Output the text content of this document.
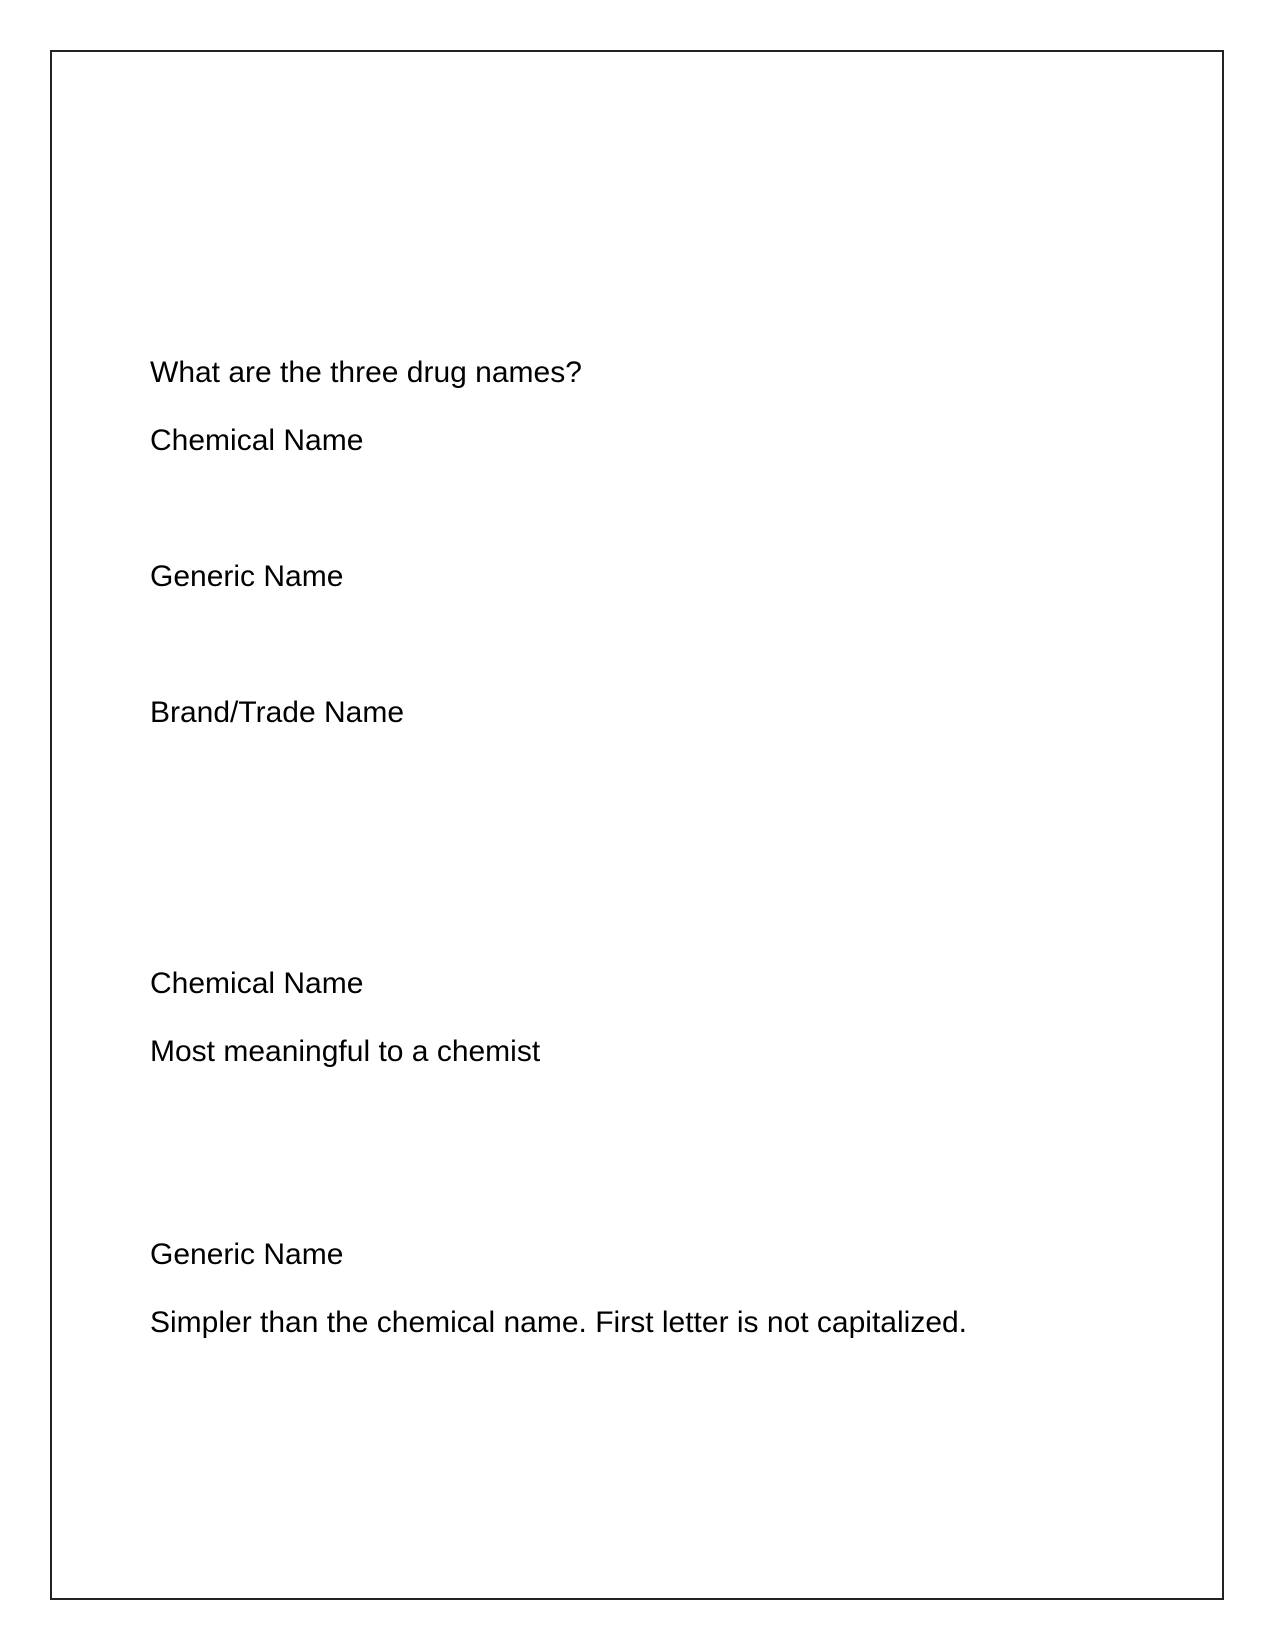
What are the three drug names?
Chemical Name
Generic Name
Brand/Trade Name
Chemical Name
Most meaningful to a chemist
Generic Name
Simpler than the chemical name. First letter is not capitalized.
